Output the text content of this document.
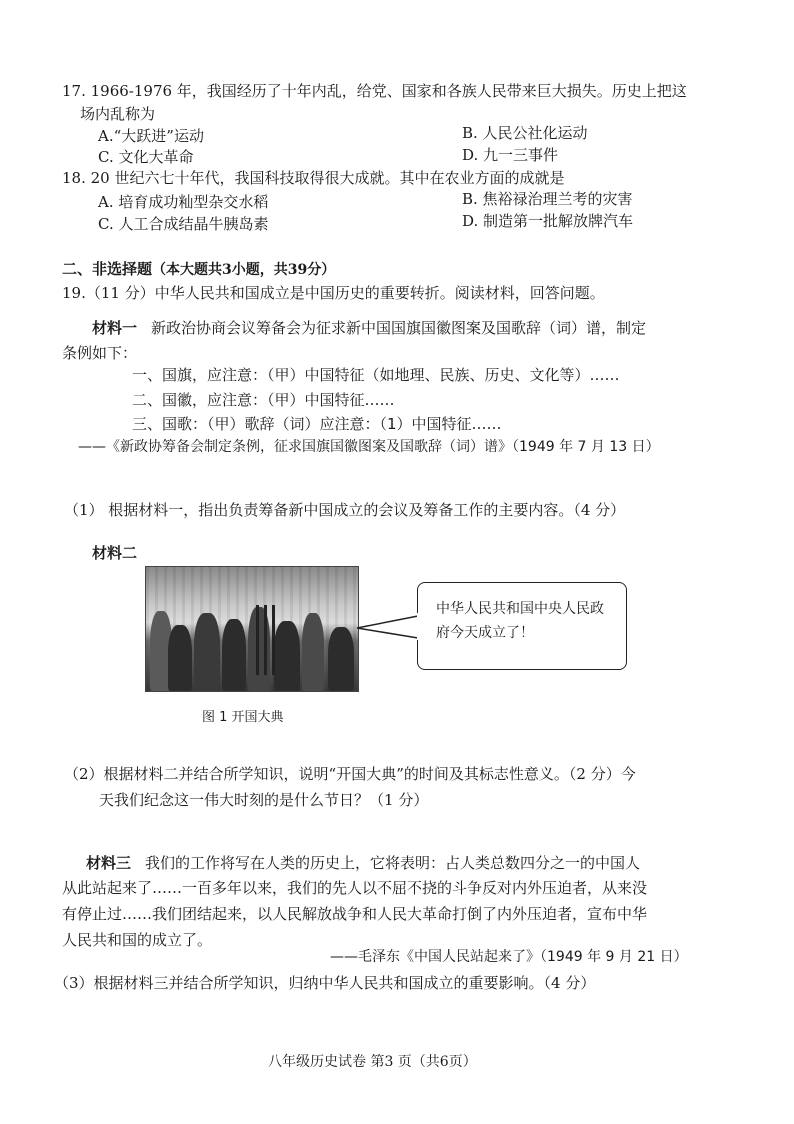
17. 1966-1976 年，我国经历了十年内乱，给党、国家和各族人民带来巨大损失。历史上把这
场内乱称为
A.“大跃进”运动	B. 人民公社化运动
C. 文化大革命	D. 九一三事件
18. 20 世纪六七十年代，我国科技取得很大成就。其中在农业方面的成就是
A. 培育成功籼型杂交水稻	B. 焦裕禄治理兰考的灾害
C. 人工合成结晶牛胰岛素	D. 制造第一批解放牌汽车
二、非选择题（本大题共3小题，共39分）
19.（11 分）中华人民共和国成立是中国历史的重要转折。阅读材料，回答问题。
材料一 新政治协商会议筹备会为征求新中国国旗国徽图案及国歌辞（词）谱，制定
条例如下：
一、国旗，应注意：（甲）中国特征（如地理、民族、历史、文化等）……
二、国徽，应注意：（甲）中国特征……
三、国歌：（甲）歌辞（词）应注意：（1）中国特征……
——《新政协筹备会制定条例，征求国旗国徽图案及国歌辞（词）谱》（1949 年 7 月 13 日）
（1） 根据材料一，指出负责筹备新中国成立的会议及筹备工作的主要内容。（4 分）
材料二
中华人民共和国中央人民政府今天成立了！
图 1 开国大典
（2）根据材料二并结合所学知识，说明“开国大典”的时间及其标志性意义。（2 分）今
天我们纪念这一伟大时刻的是什么节日？（1 分）
材料三 我们的工作将写在人类的历史上，它将表明：占人类总数四分之一的中国人
从此站起来了……一百多年以来，我们的先人以不屈不挠的斗争反对内外压迫者，从来没
有停止过……我们团结起来，以人民解放战争和人民大革命打倒了内外压迫者，宣布中华
人民共和国的成立了。
——毛泽东《中国人民站起来了》（1949 年 9 月 21 日）
（3）根据材料三并结合所学知识，归纳中华人民共和国成立的重要影响。（4 分）
八年级历史试卷 第3 页（共6页）
